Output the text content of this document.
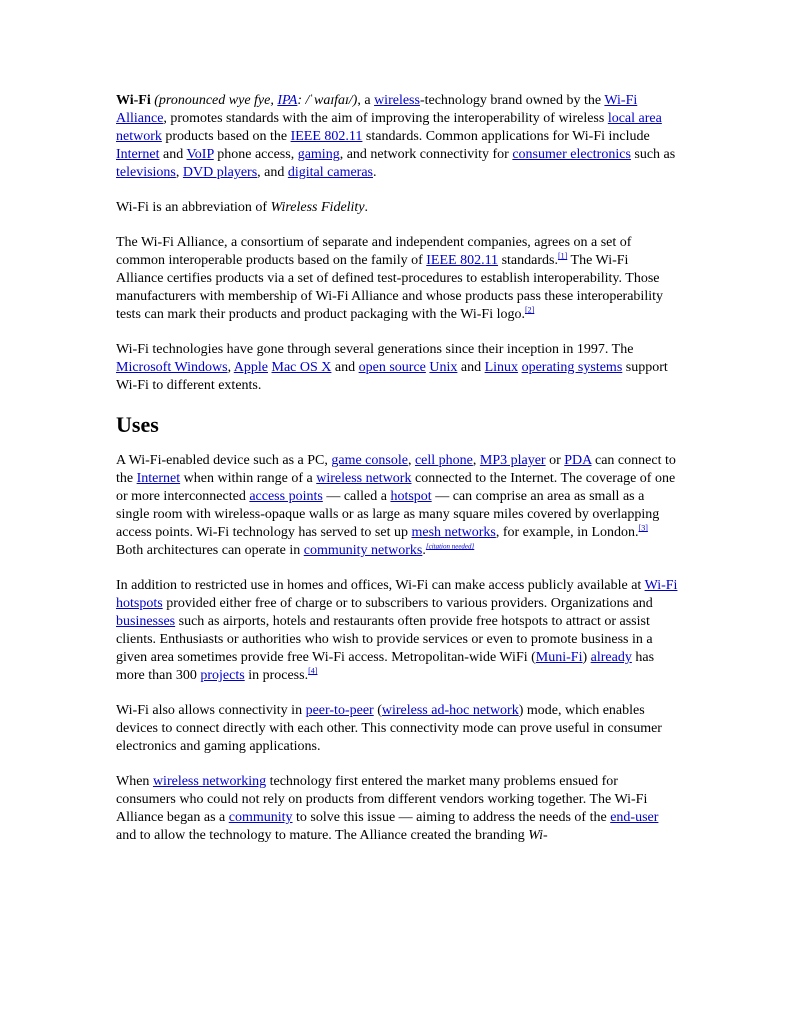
Wi-Fi (pronounced wye fye, IPA: /ˈwaɪfaɪ/), a wireless-technology brand owned by the Wi-Fi Alliance, promotes standards with the aim of improving the interoperability of wireless local area network products based on the IEEE 802.11 standards. Common applications for Wi-Fi include Internet and VoIP phone access, gaming, and network connectivity for consumer electronics such as televisions, DVD players, and digital cameras.

Wi-Fi is an abbreviation of Wireless Fidelity.

The Wi-Fi Alliance, a consortium of separate and independent companies, agrees on a set of common interoperable products based on the family of IEEE 802.11 standards.[1] The Wi-Fi Alliance certifies products via a set of defined test-procedures to establish interoperability. Those manufacturers with membership of Wi-Fi Alliance and whose products pass these interoperability tests can mark their products and product packaging with the Wi-Fi logo.[2]

Wi-Fi technologies have gone through several generations since their inception in 1997. The Microsoft Windows, Apple Mac OS X and open source Unix and Linux operating systems support Wi-Fi to different extents.

Uses

A Wi-Fi-enabled device such as a PC, game console, cell phone, MP3 player or PDA can connect to the Internet when within range of a wireless network connected to the Internet. The coverage of one or more interconnected access points — called a hotspot — can comprise an area as small as a single room with wireless-opaque walls or as large as many square miles covered by overlapping access points. Wi-Fi technology has served to set up mesh networks, for example, in London.[3] Both architectures can operate in community networks.[citation needed]

In addition to restricted use in homes and offices, Wi-Fi can make access publicly available at Wi-Fi hotspots provided either free of charge or to subscribers to various providers. Organizations and businesses such as airports, hotels and restaurants often provide free hotspots to attract or assist clients. Enthusiasts or authorities who wish to provide services or even to promote business in a given area sometimes provide free Wi-Fi access. Metropolitan-wide WiFi (Muni-Fi) already has more than 300 projects in process.[4]

Wi-Fi also allows connectivity in peer-to-peer (wireless ad-hoc network) mode, which enables devices to connect directly with each other. This connectivity mode can prove useful in consumer electronics and gaming applications.

When wireless networking technology first entered the market many problems ensued for consumers who could not rely on products from different vendors working together. The Wi-Fi Alliance began as a community to solve this issue — aiming to address the needs of the end-user and to allow the technology to mature. The Alliance created the branding Wi-
